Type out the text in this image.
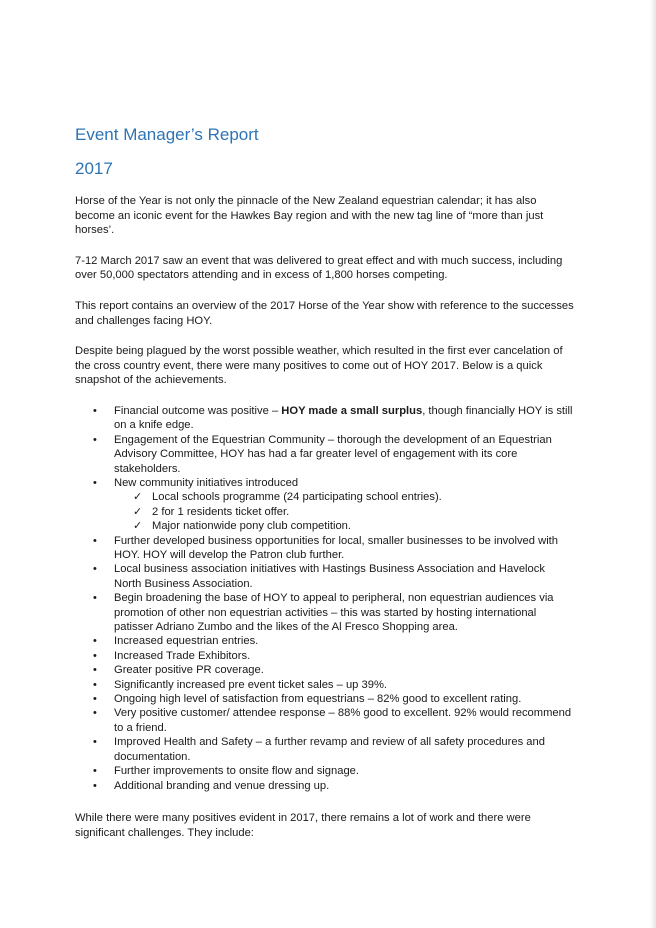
Event Manager’s Report
2017

Horse of the Year is not only the pinnacle of the New Zealand equestrian calendar; it has also become an iconic event for the Hawkes Bay region and with the new tag line of “more than just horses’.

7-12 March 2017 saw an event that was delivered to great effect and with much success, including over 50,000 spectators attending and in excess of 1,800 horses competing.

This report contains an overview of the 2017 Horse of the Year show with reference to the successes and challenges facing HOY.

Despite being plagued by the worst possible weather, which resulted in the first ever cancelation of the cross country event, there were many positives to come out of HOY 2017. Below is a quick snapshot of the achievements.

• Financial outcome was positive – HOY made a small surplus, though financially HOY is still on a knife edge.
• Engagement of the Equestrian Community – thorough the development of an Equestrian Advisory Committee, HOY has had a far greater level of engagement with its core stakeholders.
• New community initiatives introduced
✓ Local schools programme (24 participating school entries).
✓ 2 for 1 residents ticket offer.
✓ Major nationwide pony club competition.
• Further developed business opportunities for local, smaller businesses to be involved with HOY. HOY will develop the Patron club further.
• Local business association initiatives with Hastings Business Association and Havelock North Business Association.
• Begin broadening the base of HOY to appeal to peripheral, non equestrian audiences via promotion of other non equestrian activities – this was started by hosting international patisser Adriano Zumbo and the likes of the Al Fresco Shopping area.
• Increased equestrian entries.
• Increased Trade Exhibitors.
• Greater positive PR coverage.
• Significantly increased pre event ticket sales – up 39%.
• Ongoing high level of satisfaction from equestrians – 82% good to excellent rating.
• Very positive customer/ attendee response – 88% good to excellent. 92% would recommend to a friend.
• Improved Health and Safety – a further revamp and review of all safety procedures and documentation.
• Further improvements to onsite flow and signage.
• Additional branding and venue dressing up.

While there were many positives evident in 2017, there remains a lot of work and there were significant challenges. They include:
